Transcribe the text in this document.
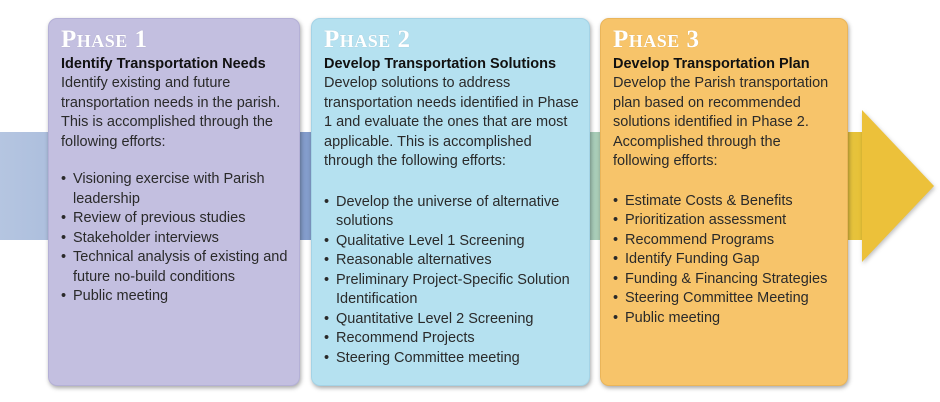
Phase 1
Identify Transportation Needs
Identify existing and future transportation needs in the parish. This is accomplished through the following efforts:
• Visioning exercise with Parish leadership
• Review of previous studies
• Stakeholder interviews
• Technical analysis of existing and future no-build conditions
• Public meeting
Phase 2
Develop Transportation Solutions
Develop solutions to address transportation needs identified in Phase 1 and evaluate the ones that are most applicable. This is accomplished through the following efforts:
• Develop the universe of alternative solutions
• Qualitative Level 1 Screening
• Reasonable alternatives
• Preliminary Project-Specific Solution Identification
• Quantitative Level 2 Screening
• Recommend Projects
• Steering Committee meeting
Phase 3
Develop Transportation Plan
Develop the Parish transportation plan based on recommended solutions identified in Phase 2. Accomplished through the following efforts:
• Estimate Costs & Benefits
• Prioritization assessment
• Recommend Programs
• Identify Funding Gap
• Funding & Financing Strategies
• Steering Committee Meeting
• Public meeting
